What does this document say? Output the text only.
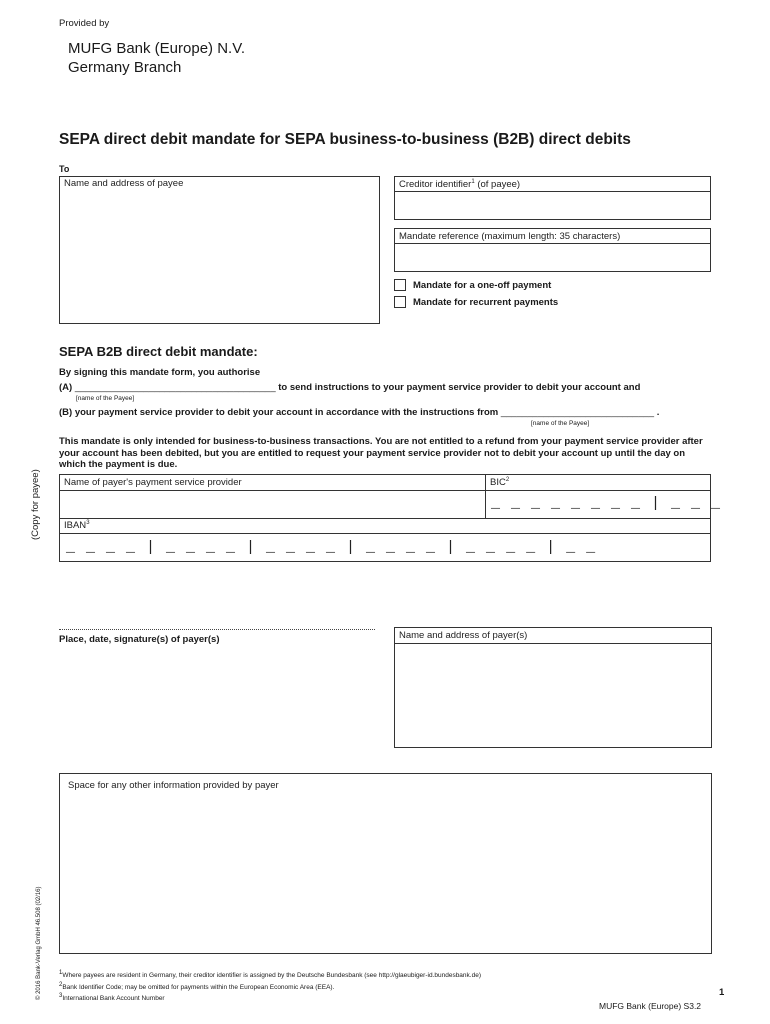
Provided by
MUFG Bank (Europe) N.V.
Germany Branch
SEPA direct debit mandate for SEPA business-to-business (B2B) direct debits
To
Name and address of payee	Creditor identifier$^1$ (of payee)
Mandate reference (maximum length: 35 characters)
Mandate for a one-off payment
Mandate for recurrent payments
SEPA B2B direct debit mandate:
By signing this mandate form, you authorise
(A) ______________________________________ to send instructions to your payment service provider to debit your account and
[name of the Payee]
(B) your payment service provider to debit your account in accordance with the instructions from _____________________________ .
[name of the Payee]
This mandate is only intended for business-to-business transactions. You are not entitled to a refund from your payment service provider after your account has been debited, but you are entitled to request your payment service provider not to debit your account up until the day on which the payment is due.
Name of payer's payment service provider	BIC$^2$
_ _ _ _ _ _ _ _ | _ _ _
IBAN$^3$
_ _ _ _ | _ _ _ _ | _ _ _ _ | _ _ _ _ | _ _ _ _ | _ _
(Copy for payee)
Place, date, signature(s) of payer(s)	Name and address of payer(s)
Space for any other information provided by payer
© 2016 Bank-Verlag GmbH 46.508 (02/16)	1Where payees are resident in Germany, their creditor identifier is assigned by the Deutsche Bundesbank (see http://glaeubiger-id.bundesbank.de)
2Bank Identifier Code; may be omitted for payments within the European Economic Area (EEA).
3International Bank Account Number
1
MUFG Bank (Europe) S3.2
